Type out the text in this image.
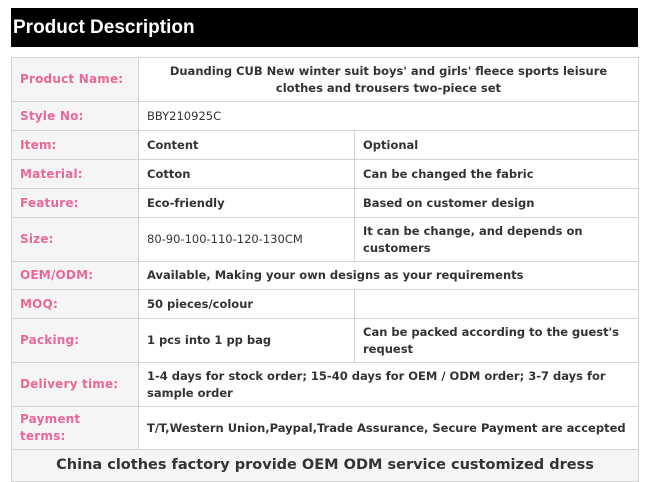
Product Description
Product Name:	Duanding CUB New winter suit boys' and girls' fleece sports leisure clothes and trousers two-piece set	
Style No:	BBY210925C	
Item:	Content	Optional
Material:	Cotton	Can be changed the fabric
Feature:	Eco-friendly	Based on customer design
Size:	80-90-100-110-120-130CM	It can be change, and depends on customers
OEM/ODM:	Available, Making your own designs as your requirements	
MOQ:	50 pieces/colour	
Packing:	1 pcs into 1 pp bag	Can be packed according to the guest's request
Delivery time:	1-4 days for stock order; 15-40 days for OEM / ODM order; 3-7 days for sample order	
Payment terms:	T/T,Western Union,Paypal,Trade Assurance, Secure Payment are accepted	
China clothes factory provide OEM ODM service customized dress		
